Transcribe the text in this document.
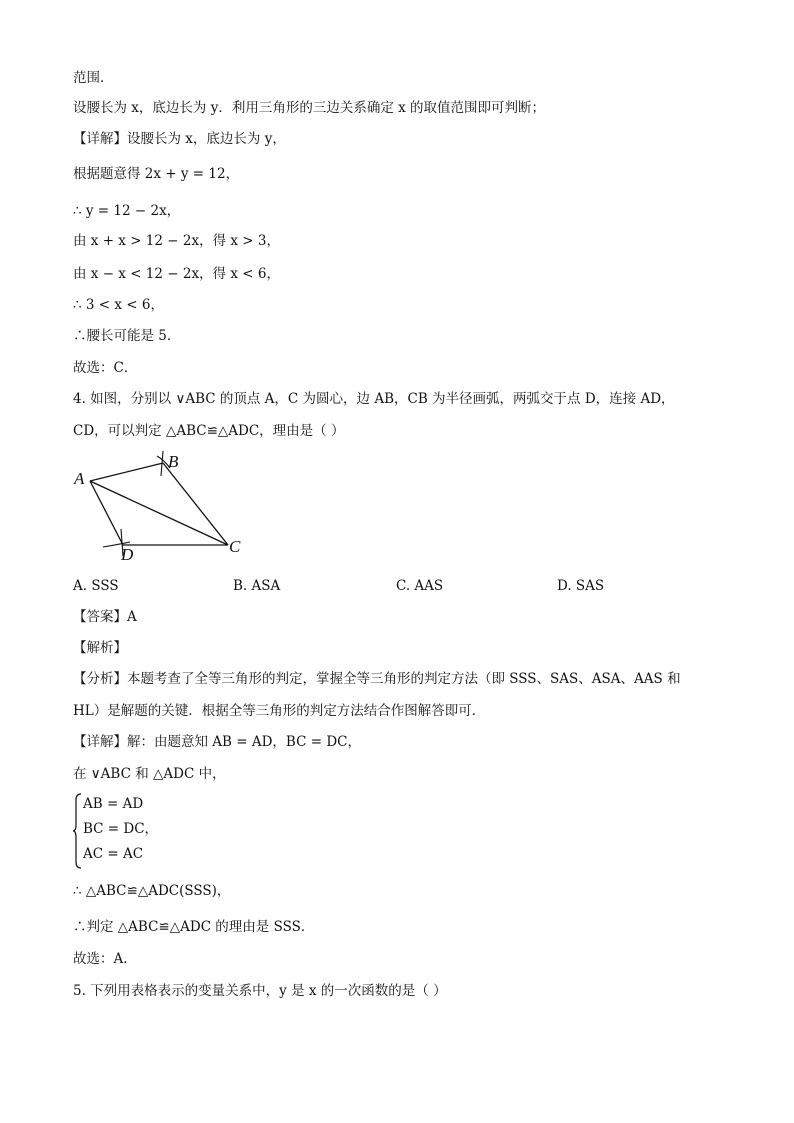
范围．
设腰长为 x，底边长为 y．利用三角形的三边关系确定 x 的取值范围即可判断；
【详解】设腰长为 x，底边长为 y，
根据题意得 2x + y = 12，
∴ y = 12 − 2x，
由 x + x > 12 − 2x，得 x > 3，
由 x − x < 12 − 2x，得 x < 6，
∴ 3 < x < 6，
∴腰长可能是 5．
故选：C．
4. 如图，分别以 ∨ABC 的顶点 A，C 为圆心，边 AB，CB 为半径画弧，两弧交于点 D，连接 AD，
CD，可以判定 △ABC≌△ADC，理由是（ ）
A
B
C
D
A. SSS	B. ASA	C. AAS	D. SAS
【答案】A
【解析】
【分析】本题考查了全等三角形的判定，掌握全等三角形的判定方法（即 SSS、SAS、ASA、AAS 和
HL）是解题的关键．根据全等三角形的判定方法结合作图解答即可．
【详解】解：由题意知 AB = AD，BC = DC，
在 ∨ABC 和 △ADC 中，
AB = AD
BC = DC，
AC = AC
∴ △ABC≌△ADC(SSS)，
∴判定 △ABC≌△ADC 的理由是 SSS．
故选：A．
5. 下列用表格表示的变量关系中，y 是 x 的一次函数的是（ ）
